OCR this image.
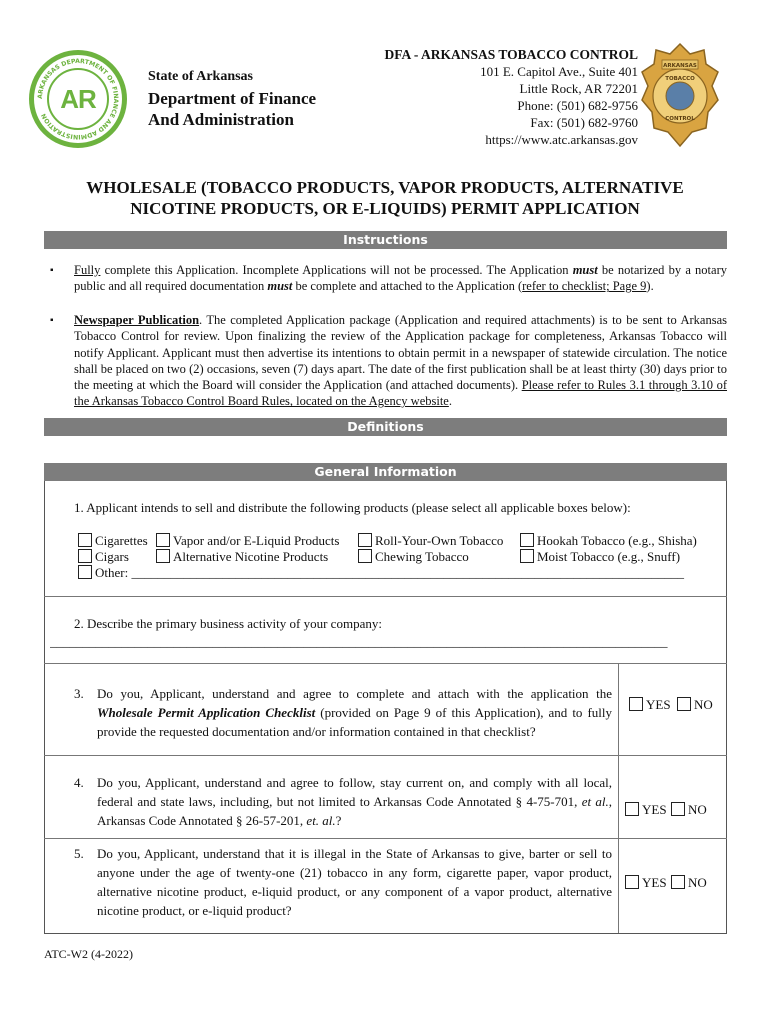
ARKANSAS DEPARTMENT OF FINANCE AND ADMINISTRATION
AR
State of Arkansas
Department of Finance
And Administration
DFA - ARKANSAS TOBACCO CONTROL
101 E. Capitol Ave., Suite 401
Little Rock, AR 72201
Phone: (501) 682-9756
Fax: (501) 682-9760
https://www.atc.arkansas.gov
ARKANSAS
TOBACCO
CONTROL
WHOLESALE (TOBACCO PRODUCTS, VAPOR PRODUCTS, ALTERNATIVE
NICOTINE PRODUCTS, OR E-LIQUIDS) PERMIT APPLICATION
Instructions
▪ Fully complete this Application. Incomplete Applications will not be processed. The Application must be notarized by a notary public and all required documentation must be complete and attached to the Application (refer to checklist; Page 9).
▪ Newspaper Publication. The completed Application package (Application and required attachments) is to be sent to Arkansas Tobacco Control for review. Upon finalizing the review of the Application package for completeness, Arkansas Tobacco will notify Applicant. Applicant must then advertise its intentions to obtain permit in a newspaper of statewide circulation. The notice shall be placed on two (2) occasions, seven (7) days apart. The date of the first publication shall be at least thirty (30) days prior to the meeting at which the Board will consider the Application (and attached documents). Please refer to Rules 3.1 through 3.10 of the Arkansas Tobacco Control Board Rules, located on the Agency website.
Definitions
General Information
1. Applicant intends to sell and distribute the following products (please select all applicable boxes below):
Cigarettes	Vapor and/or E-Liquid Products	Roll-Your-Own Tobacco	Hookah Tobacco (e.g., Shisha)
Cigars	Alternative Nicotine Products	Chewing Tobacco	Moist Tobacco (e.g., Snuff)
Other: _____________________________________________________________________________________
2. Describe the primary business activity of your company:
_______________________________________________________________________________________________
3. Do you, Applicant, understand and agree to complete and attach with the application the Wholesale Permit Application Checklist (provided on Page 9 of this Application), and to fully provide the requested documentation and/or information contained in that checklist?
YES	NO
4. Do you, Applicant, understand and agree to follow, stay current on, and comply with all local, federal and state laws, including, but not limited to Arkansas Code Annotated § 4-75-701, et al., Arkansas Code Annotated § 26-57-201, et. al.?
YES	NO
5. Do you, Applicant, understand that it is illegal in the State of Arkansas to give, barter or sell to anyone under the age of twenty-one (21) tobacco in any form, cigarette paper, vapor product, alternative nicotine product, e-liquid product, or any component of a vapor product, alternative nicotine product, or e-liquid product?
YES	NO
ATC-W2 (4-2022)
